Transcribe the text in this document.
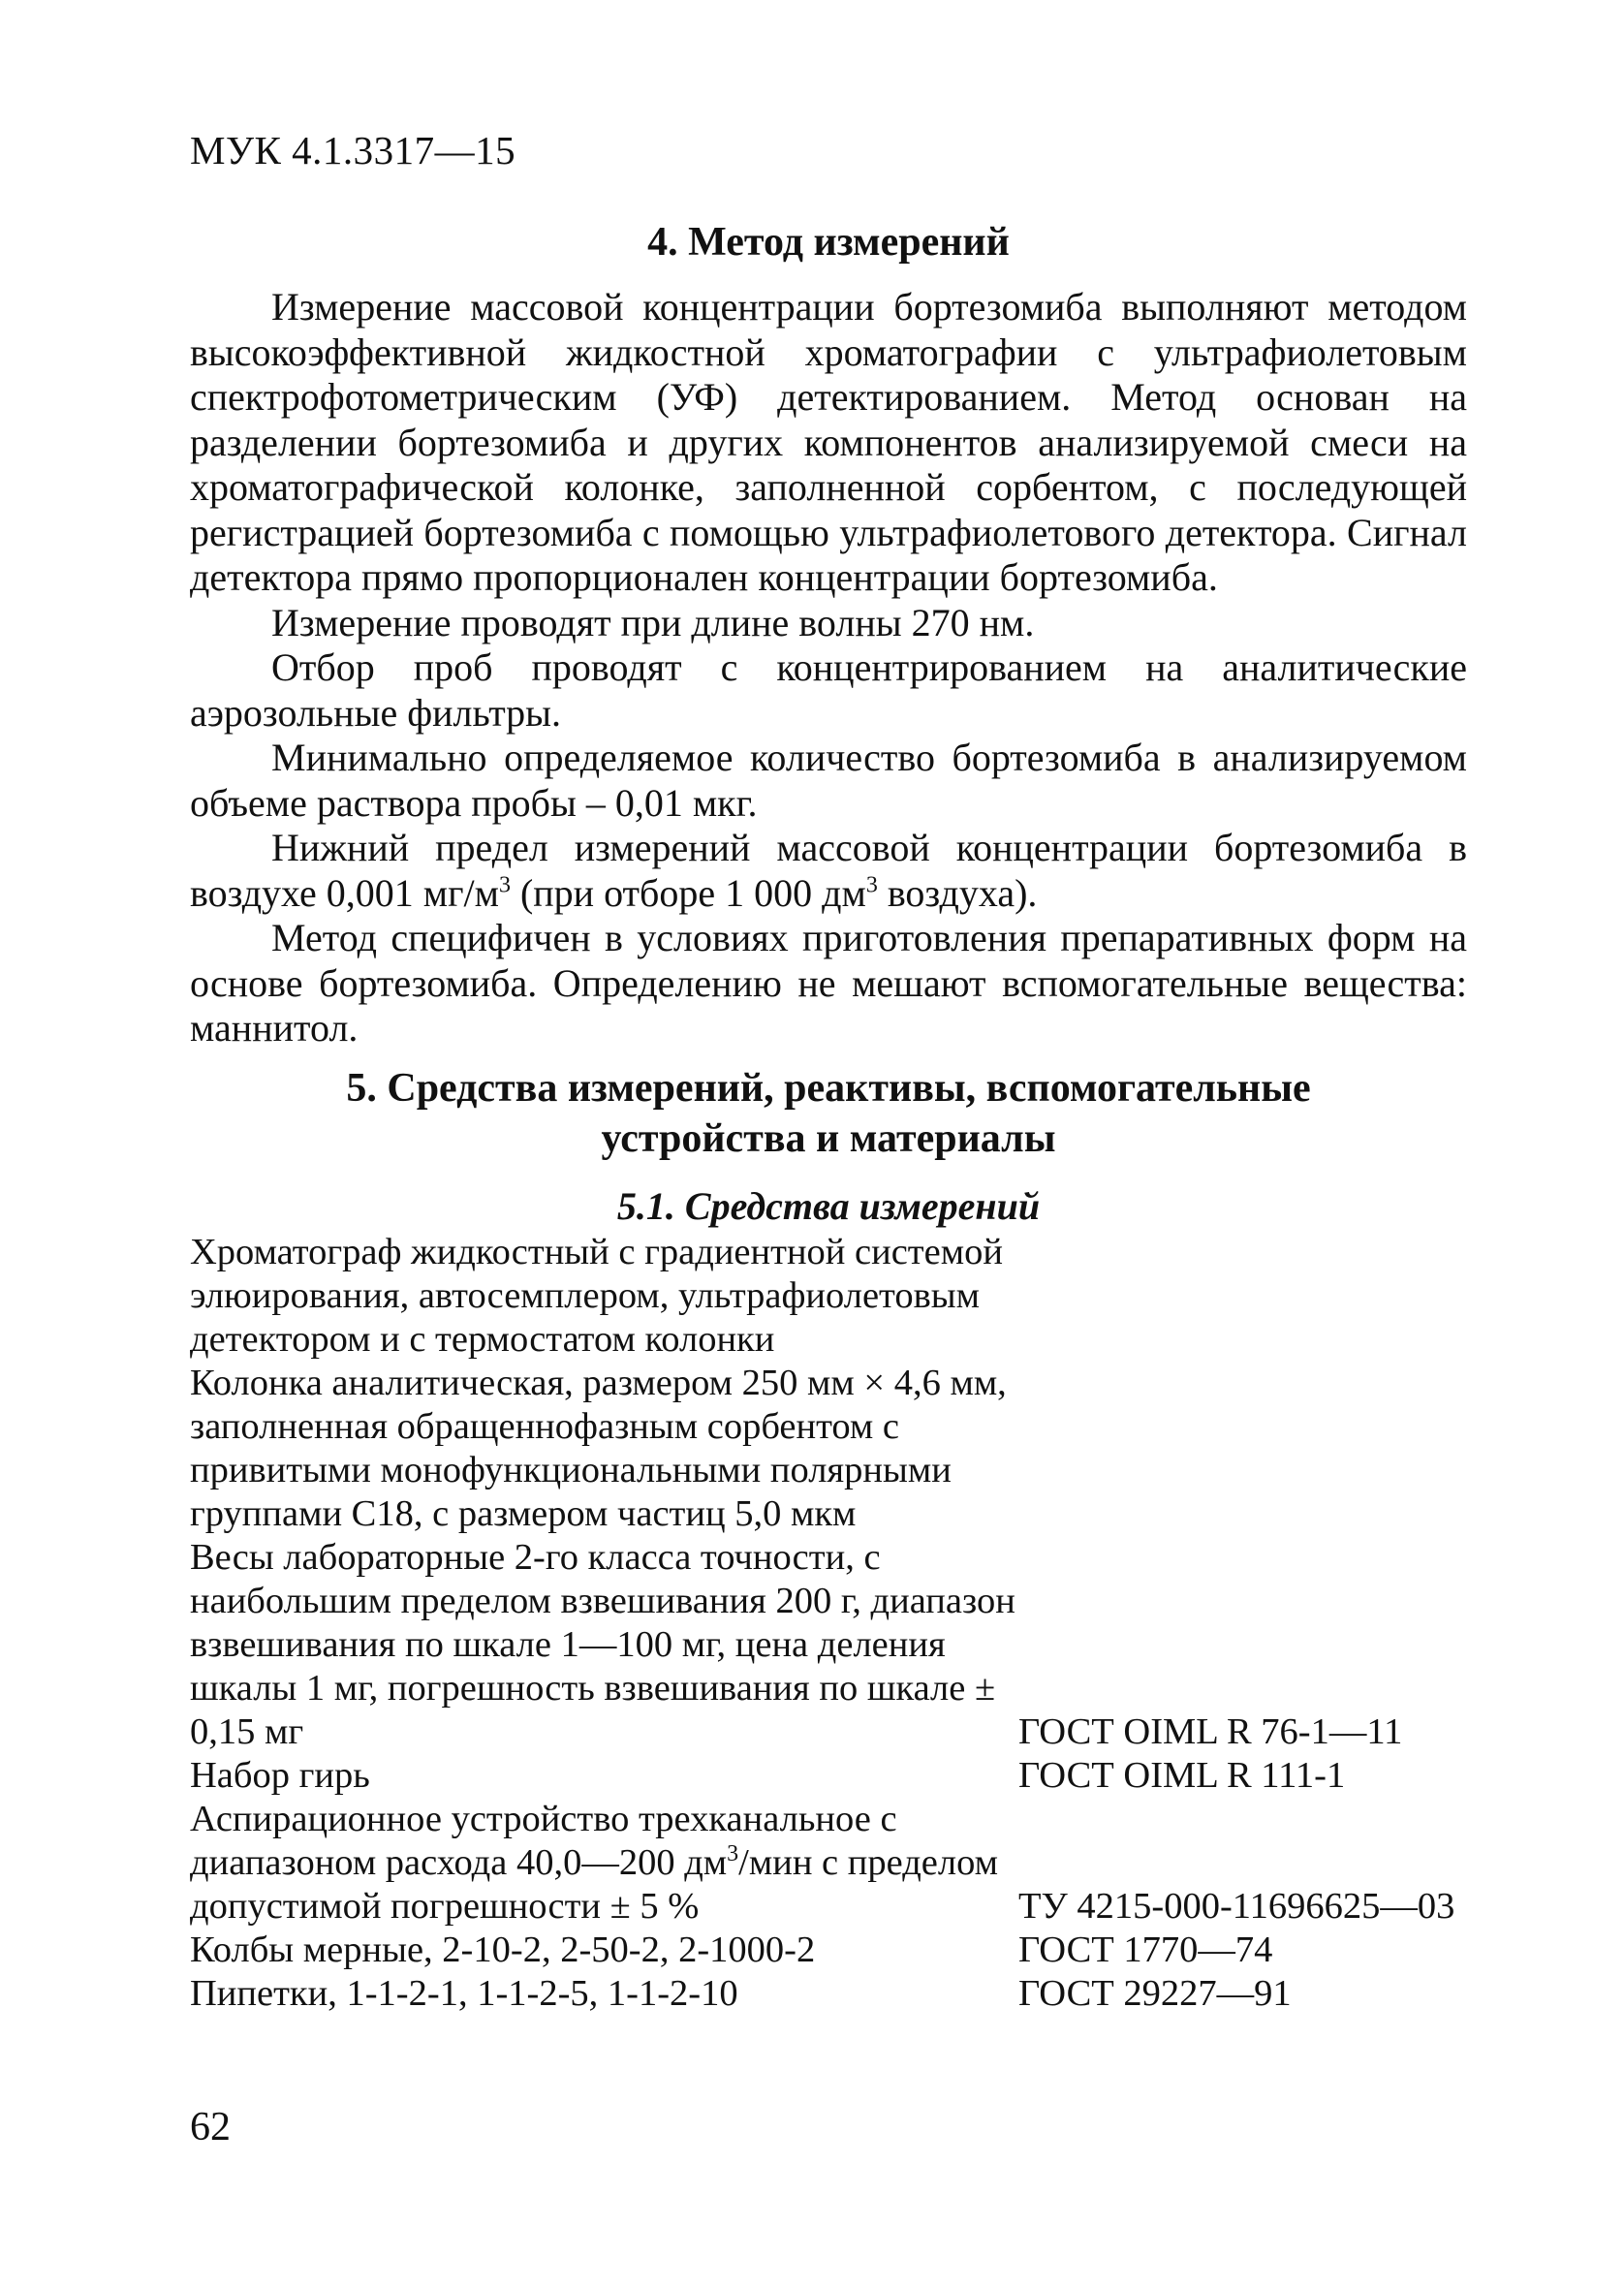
МУК 4.1.3317—15

4. Метод измерений

Измерение массовой концентрации бортезомиба выполняют методом высокоэффективной жидкостной хроматографии с ультрафиолетовым спектрофотометрическим (УФ) детектированием. Метод основан на разделении бортезомиба и других компонентов анализируемой смеси на хроматографической колонке, заполненной сорбентом, с последующей регистрацией бортезомиба с помощью ультрафиолетового детектора. Сигнал детектора прямо пропорционален концентрации бортезомиба.

Измерение проводят при длине волны 270 нм.

Отбор проб проводят с концентрированием на аналитические аэрозольные фильтры.

Минимально определяемое количество бортезомиба в анализируемом объеме раствора пробы – 0,01 мкг.

Нижний предел измерений массовой концентрации бортезомиба в воздухе 0,001 $мг/м^3$ (при отборе 1 000 $дм^3$ воздуха).

Метод специфичен в условиях приготовления препаративных форм на основе бортезомиба. Определению не мешают вспомогательные вещества: маннитол.

5. Средства измерений, реактивы, вспомогательные

устройства и материалы

5.1. Средства измерений
Хроматограф жидкостный с градиентной системой элюирования, автосемплером, ультрафиолетовым детектором и с термостатом колонки
Колонка аналитическая, размером 250 мм × 4,6 мм, заполненная обращеннофазным сорбентом с привитыми монофункциональными полярными группами С18, с размером частиц 5,0 мкм
Весы лабораторные 2-го класса точности, с наибольшим пределом взвешивания 200 г, диапазон взвешивания по шкале 1—100 мг, цена деления шкалы 1 мг, погрешность взвешивания по шкале ± 0,15 мг	ГОСТ OIML R 76-1—11
Набор гирь	ГОСТ OIML R 111-1
Аспирационное устройство трехканальное с диапазоном расхода 40,0—200 $дм^3$/мин с пределом допустимой погрешности ± 5 %	ТУ 4215-000-11696625—03
Колбы мерные, 2-10-2, 2-50-2, 2-1000-2	ГОСТ 1770—74
Пипетки, 1-1-2-1, 1-1-2-5, 1-1-2-10	ГОСТ 29227—91
62
